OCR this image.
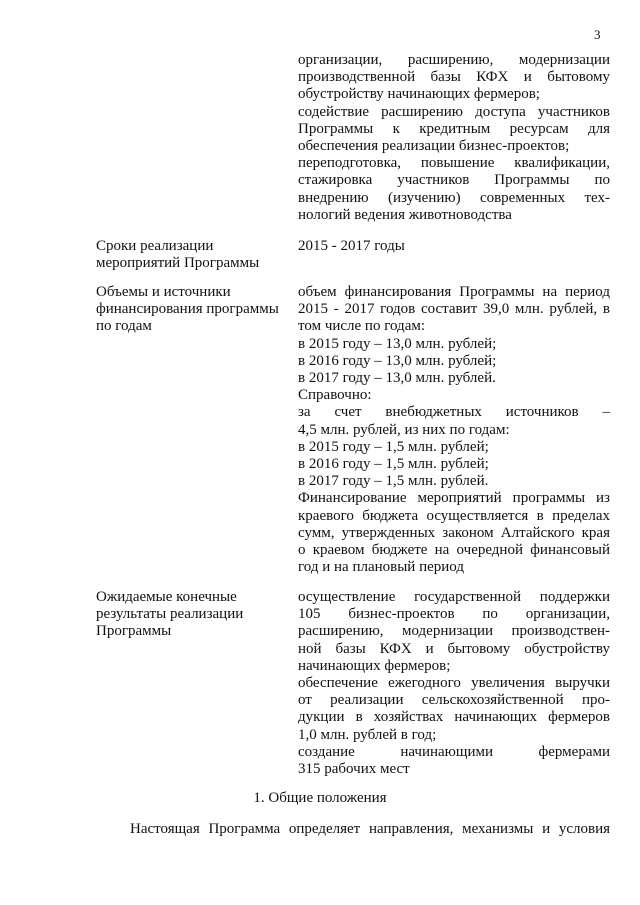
3
организации, расширению, модернизации
производственной базы КФХ и бытовому
обустройству начинающих фермеров;
содействие расширению доступа участников
Программы к кредитным ресурсам для
обеспечения реализации бизнес-проектов;
переподготовка, повышение квалификации,
стажировка участников Программы по
внедрению (изучению) современных тех-
нологий ведения животноводства
Сроки реализации
мероприятий Программы
2015 - 2017 годы
Объемы и источники
финансирования программы
по годам
объем финансирования Программы на период
2015 - 2017 годов составит 39,0 млн. рублей, в
том числе по годам:
в 2015 году – 13,0 млн. рублей;
в 2016 году – 13,0 млн. рублей;
в 2017 году – 13,0 млн. рублей.
Справочно:
за счет внебюджетных источников –
4,5 млн. рублей, из них по годам:
в 2015 году – 1,5 млн. рублей;
в 2016 году – 1,5 млн. рублей;
в 2017 году – 1,5 млн. рублей.
Финансирование мероприятий программы из
краевого бюджета осуществляется в пределах
сумм, утвержденных законом Алтайского края
о краевом бюджете на очередной финансовый
год и на плановый период
Ожидаемые конечные
результаты реализации
Программы
осуществление государственной поддержки
105 бизнес-проектов по организации,
расширению, модернизации производствен-
ной базы КФХ и бытовому обустройству
начинающих фермеров;
обеспечение ежегодного увеличения выручки
от реализации сельскохозяйственной про-
дукции в хозяйствах начинающих фермеров
1,0 млн. рублей в год;
создание начинающими фермерами
315 рабочих мест
1. Общие положения
Настоящая Программа определяет направления, механизмы и условия
